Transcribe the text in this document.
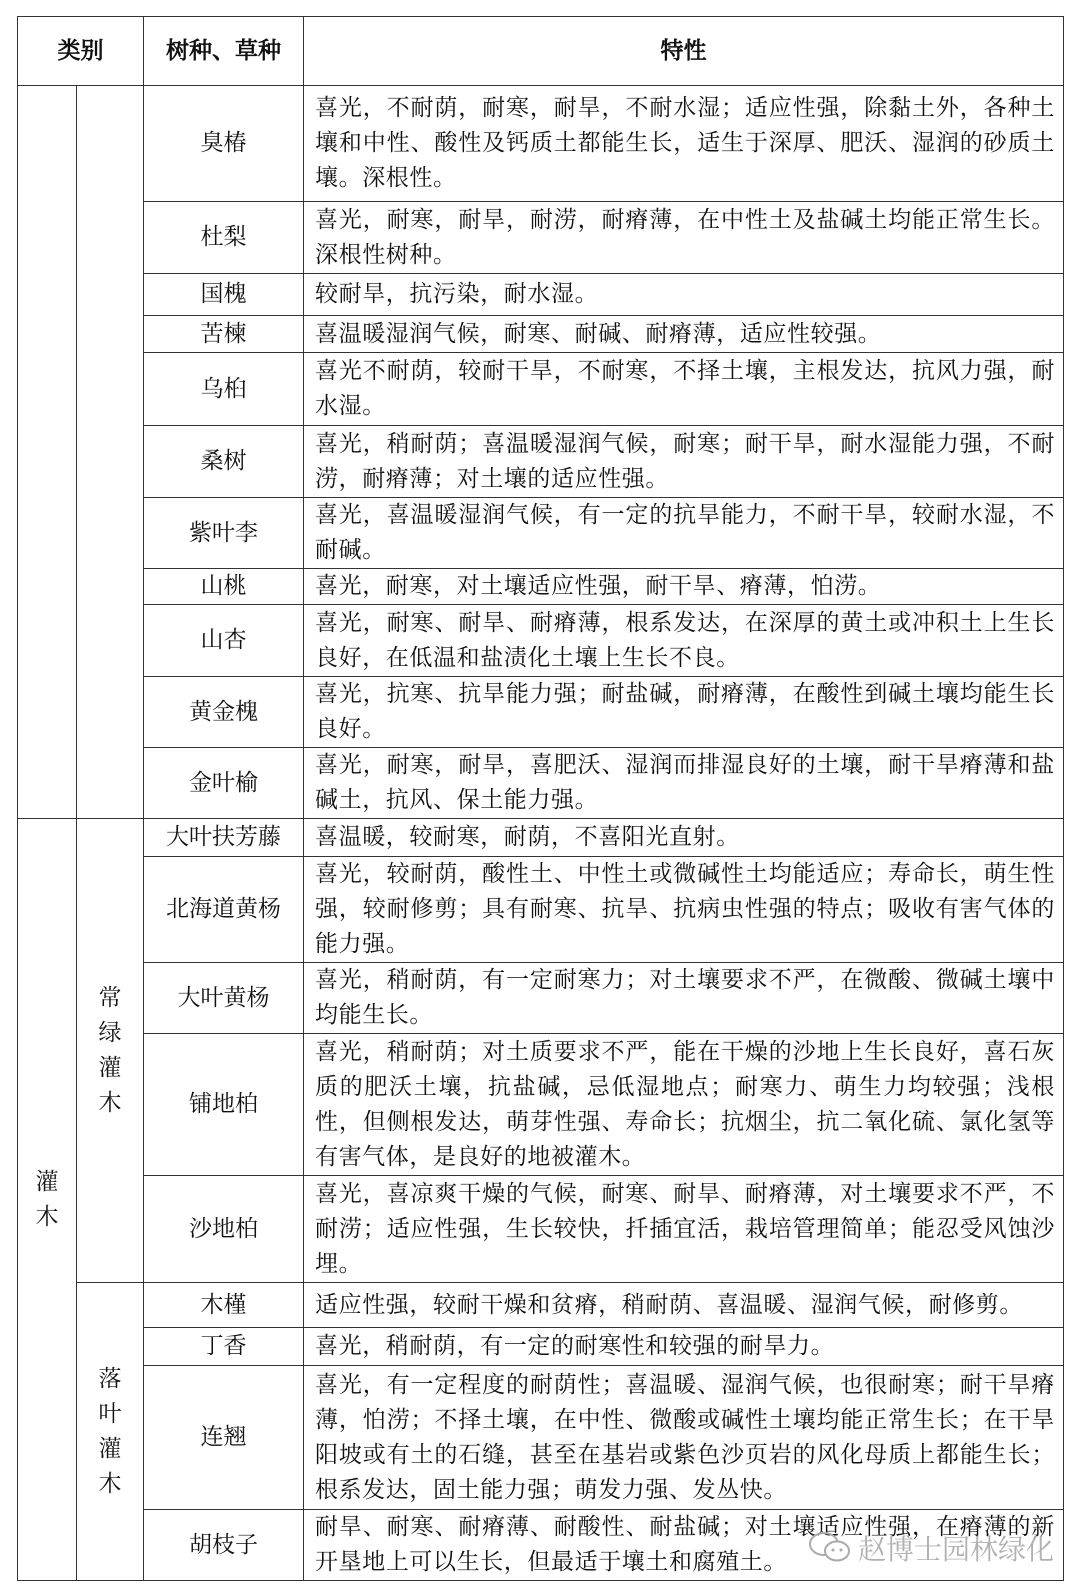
类别		树种、草种	特性
		臭椿	喜光，不耐荫，耐寒，耐旱，不耐水湿；适应性强，除黏土外，各种土壤和中性、酸性及钙质土都能生长，适生于深厚、肥沃、湿润的砂质土壤。深根性。
		杜梨	喜光，耐寒，耐旱，耐涝，耐瘠薄，在中性土及盐碱土均能正常生长。深根性树种。
		国槐	较耐旱，抗污染，耐水湿。
		苦楝	喜温暖湿润气候，耐寒、耐碱、耐瘠薄，适应性较强。
		乌桕	喜光不耐荫，较耐干旱，不耐寒，不择土壤，主根发达，抗风力强，耐水湿。
		桑树	喜光，稍耐荫；喜温暖湿润气候，耐寒；耐干旱，耐水湿能力强，不耐涝，耐瘠薄；对土壤的适应性强。
		紫叶李	喜光，喜温暖湿润气候，有一定的抗旱能力，不耐干旱，较耐水湿，不耐碱。
		山桃	喜光，耐寒，对土壤适应性强，耐干旱、瘠薄，怕涝。
		山杏	喜光，耐寒、耐旱、耐瘠薄，根系发达，在深厚的黄土或冲积土上生长良好，在低温和盐渍化土壤上生长不良。
		黄金槐	喜光，抗寒、抗旱能力强；耐盐碱，耐瘠薄，在酸性到碱土壤均能生长良好。
		金叶榆	喜光，耐寒，耐旱，喜肥沃、湿润而排湿良好的土壤，耐干旱瘠薄和盐碱土，抗风、保土能力强。
灌木	常绿灌木	大叶扶芳藤	喜温暖，较耐寒，耐荫，不喜阳光直射。
		北海道黄杨	喜光，较耐荫，酸性土、中性土或微碱性土均能适应；寿命长，萌生性强，较耐修剪；具有耐寒、抗旱、抗病虫性强的特点；吸收有害气体的能力强。
		大叶黄杨	喜光，稍耐荫，有一定耐寒力；对土壤要求不严，在微酸、微碱土壤中均能生长。
		铺地柏	喜光，稍耐荫；对土质要求不严，能在干燥的沙地上生长良好，喜石灰质的肥沃土壤，抗盐碱，忌低湿地点；耐寒力、萌生力均较强；浅根性，但侧根发达，萌芽性强、寿命长；抗烟尘，抗二氧化硫、氯化氢等有害气体，是良好的地被灌木。
		沙地柏	喜光，喜凉爽干燥的气候，耐寒、耐旱、耐瘠薄，对土壤要求不严，不耐涝；适应性强，生长较快，扦插宜活，栽培管理简单；能忍受风蚀沙埋。
	落叶灌木	木槿	适应性强，较耐干燥和贫瘠，稍耐荫、喜温暖、湿润气候，耐修剪。
		丁香	喜光，稍耐荫，有一定的耐寒性和较强的耐旱力。
		连翘	喜光，有一定程度的耐荫性；喜温暖、湿润气候，也很耐寒；耐干旱瘠薄，怕涝；不择土壤，在中性、微酸或碱性土壤均能正常生长；在干旱阳坡或有土的石缝，甚至在基岩或紫色沙页岩的风化母质上都能生长；根系发达，固土能力强；萌发力强、发丛快。
		胡枝子	耐旱、耐寒、耐瘠薄、耐酸性、耐盐碱；对土壤适应性强，在瘠薄的新开垦地上可以生长，但最适于壤土和腐殖土。	赵博士园林绿化
